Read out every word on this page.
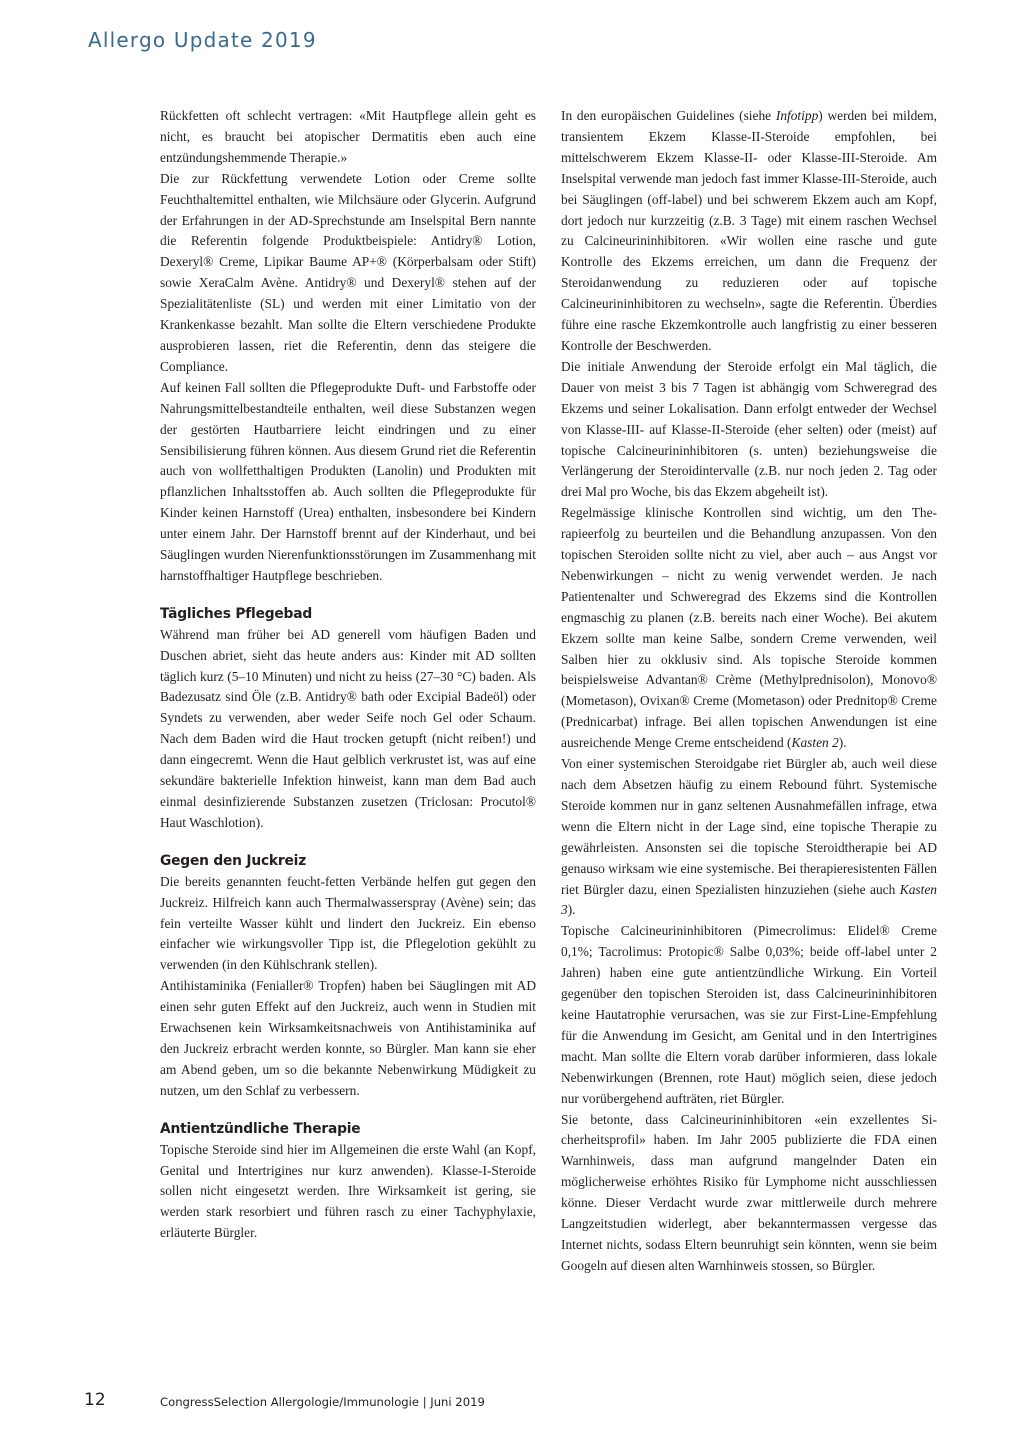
Allergo Update 2019

Rückfetten oft schlecht vertragen: «Mit Hautpflege allein geht es nicht, es braucht bei atopischer Dermatitis eben auch eine entzündungshemmende Therapie.»

Die zur Rückfettung verwendete Lotion oder Creme sollte Feuchthaltemittel enthalten, wie Milchsäure oder Glycerin. Aufgrund der Erfahrungen in der AD-Sprechstunde am Inselspital Bern nannte die Referentin folgende Produktbeispiele: Antidry® Lotion, Dexeryl® Creme, Lipikar Baume AP+® (Körperbalsam oder Stift) sowie XeraCalm Avène. Antidry® und Dexeryl® stehen auf der Spezialitätenliste (SL) und werden mit einer Limitatio von der Krankenkasse bezahlt. Man sollte die Eltern verschiedene Produkte ausprobieren lassen, riet die Referentin, denn das steigere die Compliance.

Auf keinen Fall sollten die Pflegeprodukte Duft- und Farbstoffe oder Nahrungsmittelbestandteile enthalten, weil diese Substanzen wegen der gestörten Hautbarriere leicht eindringen und zu einer Sensibilisierung führen können. Aus diesem Grund riet die Referentin auch von wollfetthaltigen Produkten (Lanolin) und Produkten mit pflanzlichen Inhaltsstoffen ab. Auch sollten die Pflegeprodukte für Kinder keinen Harnstoff (Urea) enthalten, insbesondere bei Kindern unter einem Jahr. Der Harnstoff brennt auf der Kinderhaut, und bei Säuglingen wurden Nierenfunktionsstörungen im Zusammenhang mit harnstoffhaltiger Hautpflege beschrieben.

Tägliches Pflegebad

Während man früher bei AD generell vom häufigen Baden und Duschen abriet, sieht das heute anders aus: Kinder mit AD sollten täglich kurz (5–10 Minuten) und nicht zu heiss (27–30 °C) baden. Als Badezusatz sind Öle (z.B. Antidry® bath oder Excipial Badeöl) oder Syndets zu verwenden, aber weder Seife noch Gel oder Schaum. Nach dem Baden wird die Haut trocken getupft (nicht reiben!) und dann eingecremt. Wenn die Haut gelblich verkrustet ist, was auf eine sekundäre bakterielle Infektion hinweist, kann man dem Bad auch einmal desinfizierende Substanzen zusetzen (Triclosan: Procutol® Haut Waschlotion).

Gegen den Juckreiz

Die bereits genannten feucht-fetten Verbände helfen gut gegen den Juckreiz. Hilfreich kann auch Thermalwasserspray (Avène) sein; das fein verteilte Wasser kühlt und lindert den Juckreiz. Ein ebenso einfacher wie wirkungsvoller Tipp ist, die Pflegelotion gekühlt zu verwenden (in den Kühlschrank stellen).

Antihistaminika (Fenialler® Tropfen) haben bei Säuglingen mit AD einen sehr guten Effekt auf den Juckreiz, auch wenn in Studien mit Erwachsenen kein Wirksamkeitsnachweis von Antihistaminika auf den Juckreiz erbracht werden konnte, so Bürgler. Man kann sie eher am Abend geben, um so die bekannte Nebenwirkung Müdigkeit zu nutzen, um den Schlaf zu verbessern.

Antientzündliche Therapie

Topische Steroide sind hier im Allgemeinen die erste Wahl (an Kopf, Genital und Intertrigines nur kurz anwenden). Klasse-I-Steroide sollen nicht eingesetzt werden. Ihre Wirksamkeit ist gering, sie werden stark resorbiert und führen rasch zu einer Tachyphylaxie, erläuterte Bürgler.

In den europäischen Guidelines (siehe Infotipp) werden bei mildem, transientem Ekzem Klasse-II-Steroide empfohlen, bei mittelschwerem Ekzem Klasse-II- oder Klasse-III-Steroide. Am Inselspital verwende man jedoch fast immer Klasse-III-Steroide, auch bei Säuglingen (off-label) und bei schwerem Ekzem auch am Kopf, dort jedoch nur kurzzeitig (z.B. 3 Tage) mit einem raschen Wechsel zu Calcineurininhibitoren. «Wir wollen eine rasche und gute Kontrolle des Ekzems erreichen, um dann die Frequenz der Steroidanwendung zu reduzieren oder auf topische Calcineurininhibitoren zu wechseln», sagte die Referentin. Überdies führe eine rasche Ekzemkontrolle auch langfristig zu einer besseren Kontrolle der Beschwerden.

Die initiale Anwendung der Steroide erfolgt ein Mal täglich, die Dauer von meist 3 bis 7 Tagen ist abhängig vom Schweregrad des Ekzems und seiner Lokalisation. Dann erfolgt entweder der Wechsel von Klasse-III- auf Klasse-II-Steroide (eher selten) oder (meist) auf topische Calcineurininhibitoren (s. unten) beziehungsweise die Verlängerung der Steroidintervalle (z.B. nur noch jeden 2. Tag oder drei Mal pro Woche, bis das Ekzem abgeheilt ist).

Regelmässige klinische Kontrollen sind wichtig, um den Therapieerfolg zu beurteilen und die Behandlung anzupassen. Von den topischen Steroiden sollte nicht zu viel, aber auch – aus Angst vor Nebenwirkungen – nicht zu wenig verwendet werden. Je nach Patientenalter und Schweregrad des Ekzems sind die Kontrollen engmaschig zu planen (z.B. bereits nach einer Woche). Bei akutem Ekzem sollte man keine Salbe, sondern Creme verwenden, weil Salben hier zu okklusiv sind. Als topische Steroide kommen beispielsweise Advantan® Crème (Methylprednisolon), Monovo® (Mometason), Ovixan® Creme (Mometason) oder Prednitop® Creme (Prednicarbat) infrage. Bei allen topischen Anwendungen ist eine ausreichende Menge Creme entscheidend (Kasten 2).

Von einer systemischen Steroidgabe riet Bürgler ab, auch weil diese nach dem Absetzen häufig zu einem Rebound führt. Systemische Steroide kommen nur in ganz seltenen Ausnahmefällen infrage, etwa wenn die Eltern nicht in der Lage sind, eine topische Therapie zu gewährleisten. Ansonsten sei die topische Steroidtherapie bei AD genauso wirksam wie eine systemische. Bei therapieresistenten Fällen riet Bürgler dazu, einen Spezialisten hinzuziehen (siehe auch Kasten 3).

Topische Calcineurininhibitoren (Pimecrolimus: Elidel® Creme 0,1%; Tacrolimus: Protopic® Salbe 0,03%; beide off-label unter 2 Jahren) haben eine gute antientzündliche Wirkung. Ein Vorteil gegenüber den topischen Steroiden ist, dass Calcineurininhibitoren keine Hautatrophie verursachen, was sie zur First-Line-Empfehlung für die Anwendung im Gesicht, am Genital und in den Intertrigines macht. Man sollte die Eltern vorab darüber informieren, dass lokale Nebenwirkungen (Brennen, rote Haut) möglich seien, diese jedoch nur vorübergehend aufträten, riet Bürgler.

Sie betonte, dass Calcineurininhibitoren «ein exzellentes Sicherheitsprofil» haben. Im Jahr 2005 publizierte die FDA einen Warnhinweis, dass man aufgrund mangelnder Daten ein möglicherweise erhöhtes Risiko für Lymphome nicht ausschliessen könne. Dieser Verdacht wurde zwar mittlerweile durch mehrere Langzeitstudien widerlegt, aber bekanntermassen vergesse das Internet nichts, sodass Eltern beunruhigt sein könnten, wenn sie beim Googeln auf diesen alten Warnhinweis stossen, so Bürgler.

12	CongressSelection Allergologie/Immunologie | Juni 2019
